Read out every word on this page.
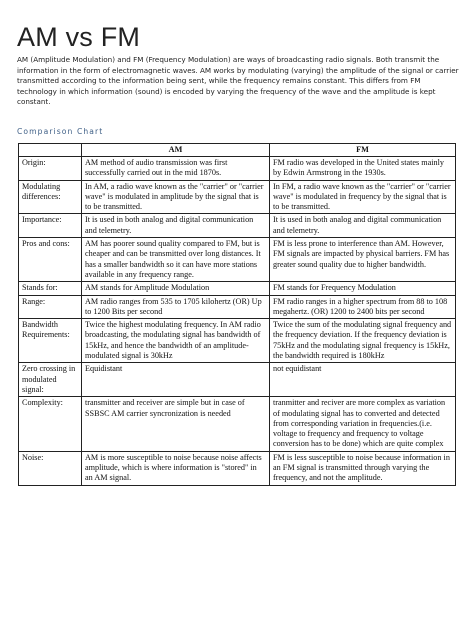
AM vs FM
AM (Amplitude Modulation) and FM (Frequency Modulation) are ways of broadcasting radio signals. Both transmit the information in the form of electromagnetic waves. AM works by modulating (varying) the amplitude of the signal or carrier transmitted according to the information being sent, while the frequency remains constant. This differs from FM technology in which information (sound) is encoded by varying the frequency of the wave and the amplitude is kept constant.
Comparison Chart
	AM	FM
Origin:	AM method of audio transmission was first successfully carried out in the mid 1870s.	FM radio was developed in the United states mainly by Edwin Armstrong in the 1930s.
Modulating differences:	In AM, a radio wave known as the "carrier" or "carrier wave" is modulated in amplitude by the signal that is to be transmitted.	In FM, a radio wave known as the "carrier" or "carrier wave" is modulated in frequency by the signal that is to be transmitted.
Importance:	It is used in both analog and digital communication and telemetry.	It is used in both analog and digital communication and telemetry.
Pros and cons:	AM has poorer sound quality compared to FM, but is cheaper and can be transmitted over long distances. It has a smaller bandwidth so it can have more stations available in any frequency range.	FM is less prone to interference than AM. However, FM signals are impacted by physical barriers. FM has greater sound quality due to higher bandwidth.
Stands for:	AM stands for Amplitude Modulation	FM stands for Frequency Modulation
Range:	AM radio ranges from 535 to 1705 kilohertz (OR) Up to 1200 Bits per second	FM radio ranges in a higher spectrum from 88 to 108 megahertz. (OR) 1200 to 2400 bits per second
Bandwidth Requirements:	Twice the highest modulating frequency. In AM radio broadcasting, the modulating signal has bandwidth of 15kHz, and hence the bandwidth of an amplitude-modulated signal is 30kHz	Twice the sum of the modulating signal frequency and the frequency deviation. If the frequency deviation is 75kHz and the modulating signal frequency is 15kHz, the bandwidth required is 180kHz
Zero crossing in modulated signal:	Equidistant	not equidistant
Complexity:	transmitter and receiver are simple but in case of SSBSC AM carrier syncronization is needed	tranmitter and reciver are more complex as variation of modulating signal has to converted and detected from corresponding variation in frequencies.(i.e. voltage to frequency and frequency to voltage conversion has to be done) which are quite complex
Noise:	AM is more susceptible to noise because noise affects amplitude, which is where information is "stored" in an AM signal.	FM is less susceptible to noise because information in an FM signal is transmitted through varying the frequency, and not the amplitude.
